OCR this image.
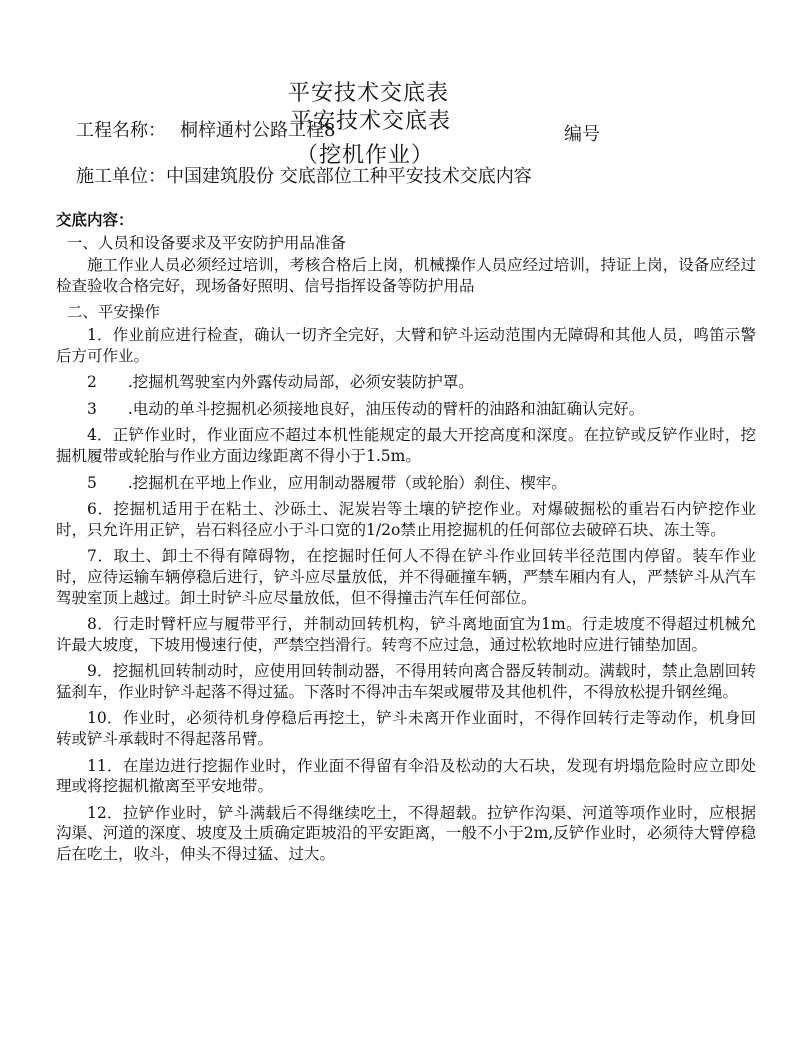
平安技术交底表
平安技术交底表
（挖机作业）
工程名称： 桐梓通村公路工程8	编号
施工单位：中国建筑股份 交底部位工种平安技术交底内容

交底内容：

一、人员和设备要求及平安防护用品准备

施工作业人员必须经过培训，考核合格后上岗，机械操作人员应经过培训，持证上岗，设备应经过检查验收合格完好，现场备好照明、信号指挥设备等防护用品

二、平安操作

1．作业前应进行检查，确认一切齐全完好，大臂和铲斗运动范围内无障碍和其他人员，鸣笛示警后方可作业。

2　　.挖掘机驾驶室内外露传动局部，必须安装防护罩。

3　　.电动的单斗挖掘机必须接地良好，油压传动的臂杆的油路和油缸确认完好。

4．正铲作业时，作业面应不超过本机性能规定的最大开挖高度和深度。在拉铲或反铲作业时，挖掘机履带或轮胎与作业方面边缘距离不得小于1.5m。

5　　.挖掘机在平地上作业，应用制动器履带（或轮胎）刹住、楔牢。

6．挖掘机适用于在粘土、沙砾土、泥炭岩等土壤的铲挖作业。对爆破掘松的重岩石内铲挖作业时，只允许用正铲，岩石料径应小于斗口宽的1/2o禁止用挖掘机的任何部位去破碎石块、冻土等。

7．取土、卸土不得有障碍物，在挖掘时任何人不得在铲斗作业回转半径范围内停留。装车作业时，应待运输车辆停稳后进行，铲斗应尽量放低，并不得砸撞车辆，严禁车厢内有人，严禁铲斗从汽车驾驶室顶上越过。卸土时铲斗应尽量放低，但不得撞击汽车任何部位。

8．行走时臂杆应与履带平行，并制动回转机构，铲斗离地面宜为1m。行走坡度不得超过机械允许最大坡度，下坡用慢速行使，严禁空挡滑行。转弯不应过急，通过松软地时应进行铺垫加固。

9．挖掘机回转制动时，应使用回转制动器，不得用转向离合器反转制动。满载时，禁止急剧回转猛刹车，作业时铲斗起落不得过猛。下落时不得冲击车架或履带及其他机件，不得放松提升钢丝绳。

10．作业时，必须待机身停稳后再挖土，铲斗未离开作业面时，不得作回转行走等动作，机身回转或铲斗承载时不得起落吊臂。

11．在崖边进行挖掘作业时，作业面不得留有伞沿及松动的大石块，发现有坍塌危险时应立即处理或将挖掘机撤离至平安地带。

12．拉铲作业时，铲斗满载后不得继续吃土，不得超载。拉铲作沟渠、河道等项作业时，应根据沟渠、河道的深度、坡度及土质确定距坡沿的平安距离，一般不小于2m,反铲作业时，必须待大臂停稳后在吃土，收斗，伸头不得过猛、过大。
